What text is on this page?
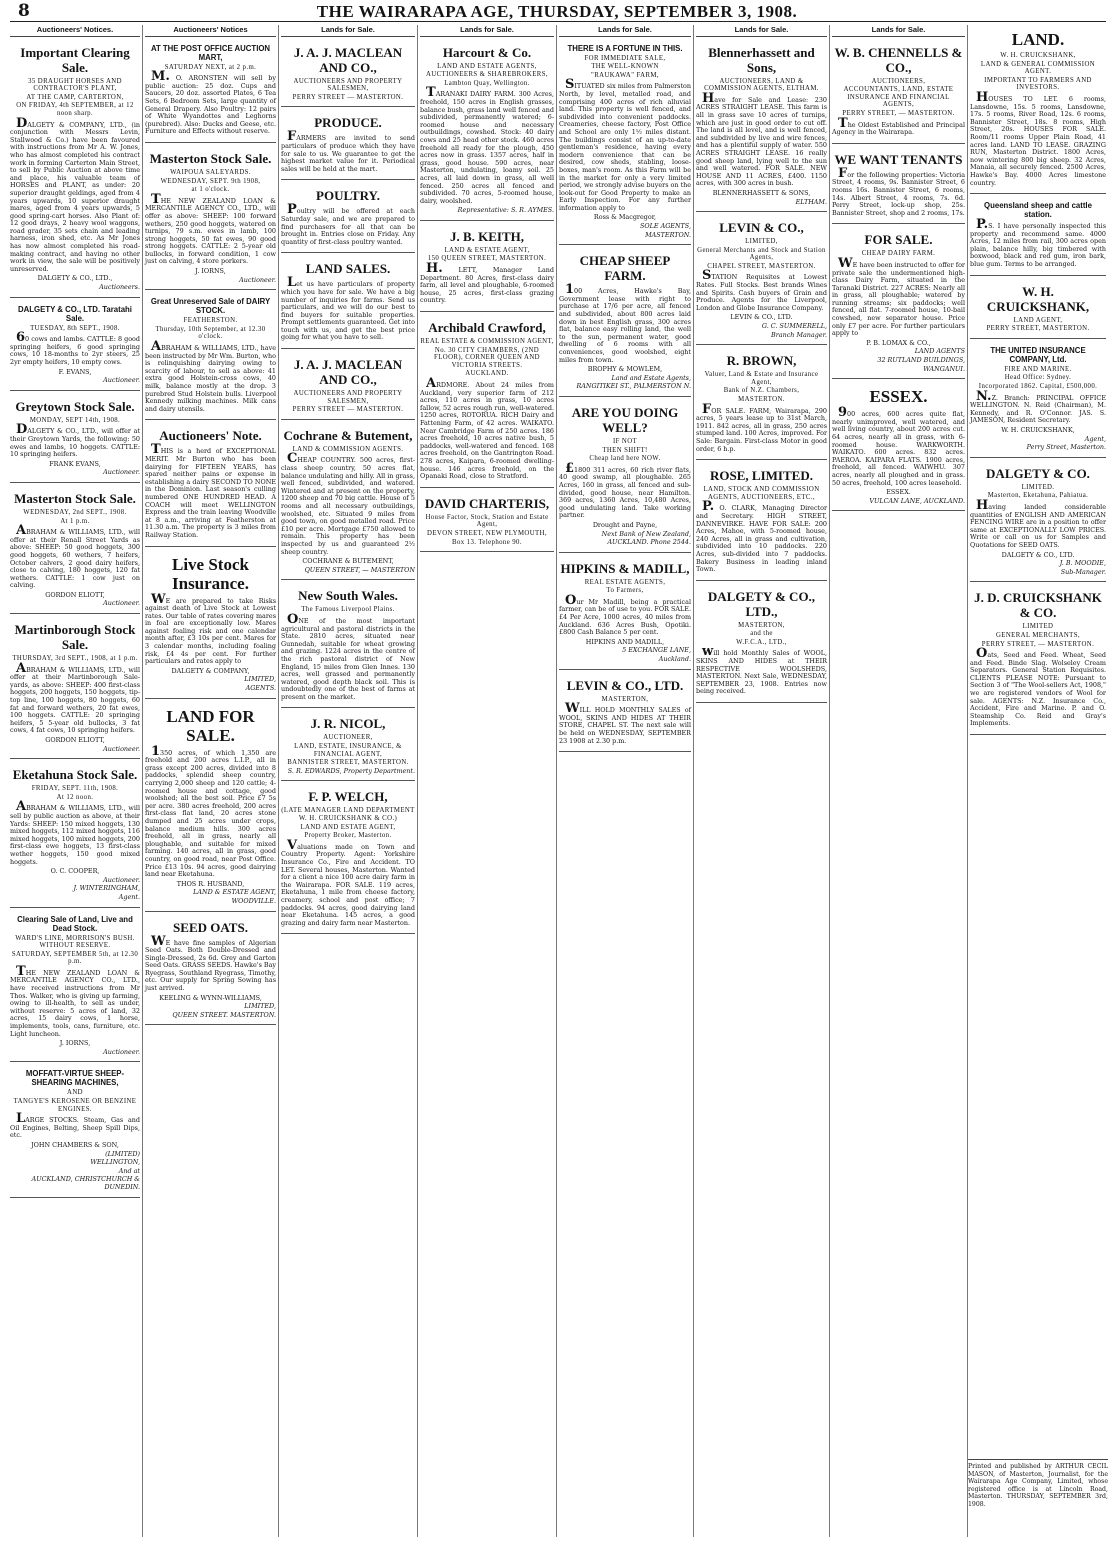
8	THE WAIRARAPA AGE, THURSDAY, SEPTEMBER 3, 1908.
Auctioneers' Notices.
Important Clearing Sale.
35 DRAUGHT HORSES AND CONTRACTOR'S PLANT,
AT THE CAMP, CARTERTON,
ON FRIDAY, 4th SEPTEMBER, at 12 noon sharp.
DALGETY & COMPANY, LTD., (in conjunction with Messrs Levin, Stallwood & Co.) have been favoured with instructions from Mr A. W. Jones, who has almost completed his contract work in forming Carterton Main Street, to sell by Public Auction at above time and place, his valuable team of HORSES and PLANT, as under: 20 superior draught geldings, aged from 4 years upwards, 10 superior draught mares, aged from 4 years upwards, 5 good spring-cart horses. Also Plant of: 12 good drays, 2 heavy wool waggons, road grader, 35 sets chain and leading harness, iron shed, etc. As Mr Jones has now almost completed his road-making contract, and having no other work in view, the sale will be positively unreserved.
DALGETY & CO., LTD.,
Auctioneers.
DALGETY & CO., LTD. Taratahi Sale.
TUESDAY, 8th SEPT., 1908.
60 cows and lambs. CATTLE: 8 good springing heifers, 6 good springing cows, 10 18-months to 2yr steers, 25 2yr empty heifers, 10 empty cows.
F. EVANS,
Auctioneer.
Greytown Stock Sale.
MONDAY, SEPT 14th, 1908.
DALGETY & CO., LTD., will offer at their Greytown Yards, the following: 50 ewes and lambs, 10 hoggets. CATTLE: 10 springing heifers.
FRANK EVANS,
Auctioneer.
Masterton Stock Sale.
WEDNESDAY, 2nd SEPT., 1908.
At 1 p.m.
ABRAHAM & WILLIAMS, LTD., will offer at their Renall Street Yards as above: SHEEP: 50 good hoggets, 300 good hoggets, 60 wethers, 7 heifers, October calvers, 2 good dairy heifers, close to calving, 180 hoggets, 120 fat wethers. CATTLE: 1 cow just on calving.
GORDON ELIOTT,
Auctioneer.
Martinborough Stock Sale.
THURSDAY, 3rd SEPT., 1908, at 1 p.m.
ABRAHAM & WILLIAMS, LTD., will offer at their Martinborough Sale-yards, as above: SHEEP: 400 first-class hoggets, 200 hoggets, 150 hoggets, tip-top line, 100 hoggets, 80 hoggets, 60 fat and forward wethers, 20 fat ewes, 100 hoggets. CATTLE: 20 springing heifers, 5 5-year old bullocks, 3 fat cows, 4 fat cows, 10 springing heifers.
GORDON ELIOTT,
Auctioneer.
Eketahuna Stock Sale.
FRIDAY, SEPT. 11th, 1908.
At 12 noon.
ABRAHAM & WILLIAMS, LTD., will sell by public auction as above, at their Yards: SHEEP: 150 mixed hoggets, 130 mixed hoggets, 112 mixed hoggets, 116 mixed hoggets, 100 mixed hoggets, 200 first-class ewe hoggets, 13 first-class wether hoggets, 150 good mixed hoggets.
O. C. COOPER,
Auctioneer.
J. WINTERINGHAM,
Agent.
Clearing Sale of Land, Live and Dead Stock.
WARD'S LINE, MORRISON'S BUSH. WITHOUT RESERVE.
SATURDAY, SEPTEMBER 5th, at 12.30 p.m.
THE NEW ZEALAND LOAN & MERCANTILE AGENCY CO., LTD., have received instructions from Mr Thos. Walker, who is giving up farming, owing to ill-health, to sell as under, without reserve: 5 acres of land, 32 acres, 15 dairy cows, 1 horse, implements, tools, cans, furniture, etc. Light luncheon.
J. IORNS,
Auctioneer.
MOFFATT-VIRTUE SHEEP-SHEARING MACHINES,
AND
TANGYE'S KEROSENE OR BENZINE ENGINES.
LARGE STOCKS. Steam, Gas and Oil Engines, Belting, Sheep Spill Dips, etc.
JOHN CHAMBERS & SON,
(LIMITED)
WELLINGTON,
And at
AUCKLAND, CHRISTCHURCH & DUNEDIN.
Auctioneers' Notices
AT THE POST OFFICE AUCTION MART,
SATURDAY NEXT, at 2 p.m.
M. O. ARONSTEN will sell by public auction: 25 doz. Cups and Saucers, 20 doz. assorted Plates, 6 Tea Sets, 6 Bedroom Sets, large quantity of General Drapery. Also Poultry: 12 pairs of White Wyandottes and Leghorns (purebred). Also: Ducks and Geese, etc. Furniture and Effects without reserve.
Masterton Stock Sale.
WAIPOUA SALEYARDS.
WEDNESDAY, SEPT. 9th 1908,
at 1 o'clock.
THE NEW ZEALAND LOAN & MERCANTILE AGENCY CO., LTD., will offer as above: SHEEP: 100 forward wethers, 250 good hoggets, watered on turnips, 79 s.m. ewes in lamb, 100 strong hoggets, 50 fat ewes, 90 good strong hoggets. CATTLE: 2 5-year old bullocks, in forward condition, 1 cow just on calving, 4 store porkers.
J. IORNS,
Auctioneer.
Great Unreserved Sale of DAIRY STOCK.
FEATHERSTON.
Thursday, 10th September, at 12.30 o'clock.
ABRAHAM & WILLIAMS, LTD., have been instructed by Mr Wm. Burton, who is relinquishing dairying owing to scarcity of labour, to sell as above: 41 extra good Holstein-cross cows, 40 milk, balance mostly at the drop. 3 purebred Stud Holstein bulls. Liverpool Kennedy milking machines. Milk cans and dairy utensils.
Auctioneers' Note.
THIS is a herd of EXCEPTIONAL MERIT. Mr Burton who has been dairying for FIFTEEN YEARS, has spared neither pains or expense in establishing a dairy SECOND TO NONE in the Dominion. Last season's culling numbered ONE HUNDRED HEAD. A COACH will meet WELLINGTON Express and the train leaving Woodville at 8 a.m., arriving at Featherston at 11.30 a.m. The property is 3 miles from Railway Station.
Live Stock Insurance.
WE are prepared to take Risks against death of Live Stock at Lowest rates. Our table of rates covering mares in foal are exceptionally low. Mares against foaling risk and one calendar month after, £3 10s per cent. Mares for 3 calendar months, including foaling risk, £4 4s per cent. For further particulars and rates apply to
DALGETY & COMPANY,
LIMITED,
AGENTS.
LAND FOR SALE.
1350 acres, of which 1,350 are freehold and 200 acres L.I.P., all in grass except 200 acres, divided into 8 paddocks, splendid sheep country, carrying 2,000 sheep and 120 cattle; 4-roomed house and cottage, good woolshed; all the best soil. Price £7 5s per acre. 380 acres freehold, 200 acres first-class flat land, 20 acres stone dumped and 25 acres under crops, balance medium hills. 300 acres freehold, all in grass, nearly all ploughable, and suitable for mixed farming. 140 acres, all in grass, good country, on good road, near Post Office. Price £13 10s. 94 acres, good dairying land near Eketahuna.
THOS R. HUSBAND,
LAND & ESTATE AGENT,
WOODVILLE.
SEED OATS.
WE have fine samples of Algerian Seed Oats. Both Double-Dressed and Single-Dressed, 2s 6d. Grey and Garton Seed Oats. GRASS SEEDS. Hawke's Bay Ryegrass, Southland Ryegrass, Timothy, etc. Our supply for Spring Sowing has just arrived.
KEELING & WYNN-WILLIAMS,
LIMITED,
QUEEN STREET. MASTERTON.
Lands for Sale.
J. A. J. MACLEAN AND CO.,
AUCTIONEERS AND PROPERTY SALESMEN,
PERRY STREET — MASTERTON.
PRODUCE.
FARMERS are invited to send particulars of produce which they have for sale to us. We guarantee to get the highest market value for it. Periodical sales will be held at the mart.
POULTRY.
Poultry will be offered at each Saturday sale, and we are prepared to find purchasers for all that can be brought in. Entries close on Friday. Any quantity of first-class poultry wanted.
LAND SALES.
Let us have particulars of property which you have for sale. We have a big number of inquiries for farms. Send us particulars, and we will do our best to find buyers for suitable properties. Prompt settlements guaranteed. Get into touch with us, and get the best price going for what you have to sell.
J. A. J. MACLEAN AND CO.,
AUCTIONEERS AND PROPERTY SALESMEN,
PERRY STREET — MASTERTON.
Cochrane & Butement,
LAND & COMMISSION AGENTS.
CHEAP COUNTRY. 500 acres, first-class sheep country, 50 acres flat, balance undulating and hilly. All in grass, well fenced, subdivided, and watered. Wintered and at present on the property, 1200 sheep and 70 big cattle. House of 5 rooms and all necessary outbuildings, woolshed, etc. Situated 9 miles from good town, on good metalled road. Price £10 per acre. Mortgage £750 allowed to remain. This property has been inspected by us and guaranteed 2½ sheep country.
COCHRANE & BUTEMENT,
QUEEN STREET, — MASTERTON
New South Wales.
The Famous Liverpool Plains.
ONE of the most important agricultural and pastoral districts in the State. 2810 acres, situated near Gunnedah, suitable for wheat growing and grazing. 1224 acres in the centre of the rich pastoral district of New England, 15 miles from Glen Innes. 130 acres, well grassed and permanently watered, good depth black soil. This is undoubtedly one of the best of farms at present on the market.
J. R. NICOL,
AUCTIONEER,
LAND, ESTATE, INSURANCE, & FINANCIAL AGENT,
BANNISTER STREET, MASTERTON.
S. R. EDWARDS, Property Department.
F. P. WELCH,
(LATE MANAGER LAND DEPARTMENT W. H. CRUICKSHANK & CO.)
LAND AND ESTATE AGENT,
Property Broker, Masterton.
Valuations made on Town and Country Property. Agent: Yorkshire Insurance Co., Fire and Accident. TO LET. Several houses, Masterton. Wanted for a client a nice 100 acre dairy farm in the Wairarapa. FOR SALE. 119 acres, Eketahuna, 1 mile from cheese factory, creamery, school and post office; 7 paddocks. 94 acres, good dairying land near Eketahuna. 145 acres, a good grazing and dairy farm near Masterton.
Lands for Sale.
Harcourt & Co.
LAND AND ESTATE AGENTS,
AUCTIONEERS & SHAREBROKERS,
Lambton Quay, Wellington.
TARANAKI DAIRY FARM. 300 Acres, freehold, 150 acres in English grasses, balance bush, grass land well fenced and subdivided, permanently watered; 6-roomed house and necessary outbuildings, cowshed. Stock: 40 dairy cows and 25 head other stock. 460 acres freehold all ready for the plough, 450 acres now in grass. 1357 acres, half in grass, good house. 590 acres, near Masterton, undulating, loamy soil. 25 acres, all laid down in grass, all well fenced. 250 acres all fenced and subdivided. 70 acres, 5-roomed house, dairy, woolshed.
Representative: S. R. AYMES.
J. B. KEITH,
LAND & ESTATE AGENT,
150 QUEEN STREET, MASTERTON.
H. LETT, Manager Land Department. 80 Acres, first-class dairy farm, all level and ploughable, 6-roomed house, 25 acres, first-class grazing country.
Archibald Crawford,
REAL ESTATE & COMMISSION AGENT,
No. 30 CITY CHAMBERS, (2ND FLOOR), CORNER QUEEN AND VICTORIA STREETS.
AUCKLAND.
ARDMORE. About 24 miles from Auckland, very superior farm of 212 acres, 110 acres in grass, 10 acres fallow, 52 acres rough run, well-watered. 1250 acres, ROTORUA. RICH Dairy and Fattening Farm, of 42 acres. WAIKATO. Near Cambridge Farm of 250 acres. 186 acres freehold, 10 acres native bush, 5 paddocks, well-watered and fenced. 168 acres freehold, on the Gantrington Road. 278 acres, Kaipara, 6-roomed dwelling-house. 146 acres freehold, on the Opanaki Road, close to Stratford.
DAVID CHARTERIS,
House Factor, Stock, Station and Estate Agent,
DEVON STREET, NEW PLYMOUTH,
Box 13. Telephone 90.
Lands for Sale.
THERE IS A FORTUNE IN THIS.
FOR IMMEDIATE SALE,
THE WELL-KNOWN
"RAUKAWA" FARM,
SITUATED six miles from Palmerston North, by level, metalled road, and comprising 400 acres of rich alluvial land. This property is well fenced, and subdivided into convenient paddocks. Creameries, cheese factory, Post Office and School are only 1½ miles distant. The buildings consist of an up-to-date gentleman's residence, having every modern convenience that can be desired, cow sheds, stabling, loose-boxes, man's room. As this Farm will be in the market for only a very limited period, we strongly advise buyers on the look-out for Good Property to make an Early Inspection. For any further information apply to
Ross & Macgregor,
SOLE AGENTS,
MASTERTON.
CHEAP SHEEP FARM.
100 Acres, Hawke's Bay, Government lease with right to purchase at 17/6 per acre, all fenced and subdivided, about 800 acres laid down in best English grass, 300 acres flat, balance easy rolling land, the well to the sun, permanent water, good dwelling of 6 rooms with all conveniences, good woolshed, eight miles from town.
BROPHY & MOWLEM,
Land and Estate Agents,
RANGITIKEI ST., PALMERSTON N.
ARE YOU DOING WELL?
IF NOT
THEN SHIFT!
Cheap land here NOW.
£1800 311 acres, 60 rich river flats, 40 good swamp, all ploughable. 265 Acres, 160 in grass, all fenced and sub-divided, good house, near Hamilton. 369 acres, 1360 Acres, 10,480 Acres, good undulating land. Take working partner.
Drought and Payne,
Next Bank of New Zealand,
AUCKLAND. Phone 2544.
HIPKINS & MADILL,
REAL ESTATE AGENTS,
To Farmers,
Our Mr Madill, being a practical farmer, can be of use to you. FOR SALE. £4 Per Acre, 1000 acres, 40 miles from Auckland. 636 Acres Bush, Opotiki. £800 Cash Balance 5 per cent.
HIPKINS AND MADILL,
5 EXCHANGE LANE,
Auckland.
LEVIN & CO., LTD.
MASTERTON,
WILL HOLD MONTHLY SALES of WOOL, SKINS AND HIDES AT THEIR STORE, CHAPEL ST. The next sale will be held on WEDNESDAY, SEPTEMBER 23 1908 at 2.30 p.m.
Lands for Sale.
Blennerhassett and Sons,
AUCTIONEERS, LAND & COMMISSION AGENTS, ELTHAM.
Have for Sale and Lease: 230 ACRES STRAIGHT LEASE. This farm is all in grass save 10 acres of turnips, which are just in good order to cut off. The land is all level, and is well fenced, and subdivided by live and wire fences, and has a plentiful supply of water. 550 ACRES STRAIGHT LEASE. 16 really good sheep land, lying well to the sun and well watered. FOR SALE. NEW HOUSE AND 11 ACRES, £400. 1150 acres, with 300 acres in bush.
BLENNERHASSETT & SONS,
ELTHAM.
LEVIN & CO.,
LIMITED,
General Merchants and Stock and Station Agents,
CHAPEL STREET, MASTERTON.
STATION Requisites at Lowest Rates. Full Stocks. Best brands Wines and Spirits. Cash buyers of Grain and Produce. Agents for the Liverpool, London and Globe Insurance Company.
LEVIN & CO., LTD.
G. C. SUMMERELL,
Branch Manager.
R. BROWN,
Valuer, Land & Estate and Insurance Agent,
Bank of N.Z. Chambers,
MASTERTON.
FOR SALE. FARM, Wairarapa, 290 acres, 5 years lease up to 31st March, 1911. 842 acres, all in grass, 250 acres stumped land. 100 Acres, improved. For Sale: Bargain. First-class Motor in good order, 6 h.p.
ROSE, LIMITED.
LAND, STOCK AND COMMISSION AGENTS, AUCTIONEERS, ETC.,
P. O. CLARK, Managing Director and Secretary. HIGH STREET, DANNEVIRKE. HAVE FOR SALE: 200 Acres, Mahoe, with 5-roomed house, 240 Acres, all in grass and cultivation, subdivided into 10 paddocks. 220 Acres, sub-divided into 7 paddocks. Bakery Business in leading inland Town.
DALGETY & CO., LTD.,
MASTERTON,
and the
W.F.C.A., LTD.,
will hold Monthly Sales of WOOL, SKINS AND HIDES at THEIR RESPECTIVE WOOLSHEDS, MASTERTON. Next Sale, WEDNESDAY, SEPTEMBER 23, 1908. Entries now being received.
Lands for Sale.
W. B. CHENNELLS & CO.,
AUCTIONEERS,
ACCOUNTANTS, LAND, ESTATE INSURANCE AND FINANCIAL AGENTS,
PERRY STREET, — MASTERTON.
The Oldest Established and Principal Agency in the Wairarapa.
WE WANT TENANTS
For the following properties: Victoria Street, 4 rooms, 9s. Bannister Street, 6 rooms 16s. Bannister Street, 6 rooms, 14s. Albert Street, 4 rooms, 7s. 6d. Perry Street, lock-up shop, 25s. Bannister Street, shop and 2 rooms, 17s.
FOR SALE.
CHEAP DAIRY FARM.
WE have been instructed to offer for private sale the undermentioned high-class Dairy Farm, situated in the Taranaki District. 227 ACRES: Nearly all in grass, all ploughable; watered by running streams; six paddocks; well fenced, all flat. 7-roomed house, 10-bail cowshed, new separator house. Price only £7 per acre. For further particulars apply to
P. B. LOMAX & CO.,
LAND AGENTS
32 RUTLAND BUILDINGS,
WANGANUI.
ESSEX.
900 acres, 600 acres quite flat, nearly unimproved, well watered, and well living country, about 200 acres cut. 64 acres, nearly all in grass, with 6-roomed house. WARKWORTH. WAIKATO. 600 acres. 832 acres. PAEROA. KAIPARA FLATS. 1900 acres, freehold, all fenced. WAIWHU. 307 acres, nearly all ploughed and in grass. 50 acres, freehold, 100 acres leasehold.
ESSEX.
VULCAN LANE, AUCKLAND.
LAND.
W. H. CRUICKSHANK,
LAND & GENERAL COMMISSION AGENT.
IMPORTANT TO FARMERS AND INVESTORS.
HOUSES TO LET. 6 rooms, Lansdowne, 15s. 5 rooms, Lansdowne, 17s. 5 rooms, River Road, 12s. 6 rooms, Bannister Street, 18s. 8 rooms, High Street, 20s. HOUSES FOR SALE. Room/11 rooms Upper Plain Road, 41 acres land. LAND TO LEASE. GRAZING RUN, Masterton District. 1800 Acres, now wintering 800 big sheep. 32 Acres, Manaia, all securely fenced. 2500 Acres, Hawke's Bay. 4000 Acres limestone country.
Queensland sheep and cattle station.
P.S. I have personally inspected this property and recommend same. 4000 Acres, 12 miles from rail, 300 acres open plain, balance hilly, big timbered with boxwood, black and red gum, iron bark, blue gum. Terms to be arranged.
W. H. CRUICKSHANK,
LAND AGENT,
PERRY STREET, MASTERTON.
THE UNITED INSURANCE COMPANY, Ltd.
FIRE AND MARINE.
Head Office: Sydney.
Incorporated 1862. Capital, £500,000.
N.Z. Branch: PRINCIPAL OFFICE WELLINGTON. N. Reid (Chairman), M. Kennedy, and R. O'Connor. JAS. S. JAMESON, Resident Secretary.
W. H. CRUICKSHANK,
Agent,
Perry Street, Masterton.
DALGETY & CO.
LIMITED.
Masterton, Eketahuna, Pahiatua.
Having landed considerable quantities of ENGLISH AND AMERICAN FENCING WIRE are in a position to offer same at EXCEPTIONALLY LOW PRICES. Write or call on us for Samples and Quotations for SEED OATS.
DALGETY & CO., LTD.
J. B. MOODIE,
Sub-Manager.
J. D. CRUICKSHANK & CO.
LIMITED
GENERAL MERCHANTS,
PERRY STREET, — MASTERTON.
Oats, Seed and Feed. Wheat, Seed and Feed. Binde Slag. Wolseley Cream Separators. General Station Requisites. CLIENTS PLEASE NOTE: Pursuant to Section 3 of "The Wool-sellers Act, 1908," we are registered vendors of Wool for sale. AGENTS: N.Z. Insurance Co., Accident, Fire and Marine. P. and O. Steamship Co. Reid and Gray's Implements.
Printed and published by ARTHUR CECIL MASON, of Masterton, Journalist, for the Wairarapa Age Company, Limited, whose registered office is at Lincoln Road, Masterton. THURSDAY, SEPTEMBER 3rd, 1908.
